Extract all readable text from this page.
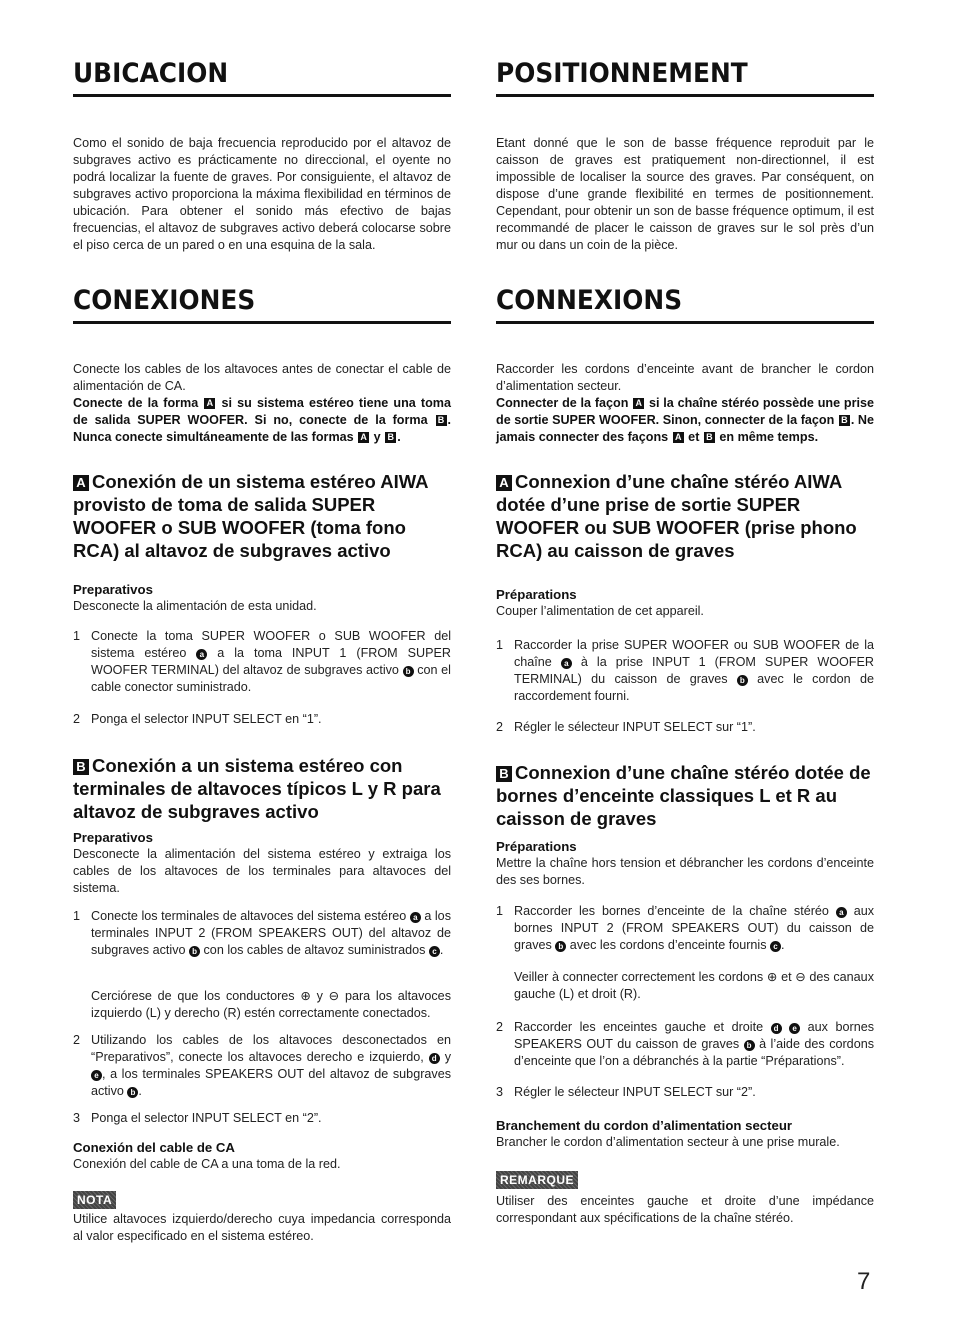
UBICACION

Como el sonido de baja frecuencia reproducido por el altavoz de subgraves activo es prácticamente no direccional, el oyente no podrá localizar la fuente de graves. Por consiguiente, el altavoz de subgraves activo proporciona la máxima flexibilidad en términos de ubicación. Para obtener el sonido más efectivo de bajas frecuencias, el altavoz de subgraves activo deberá colocarse sobre el piso cerca de un pared o en una esquina de la sala.

CONEXIONES

Conecte los cables de los altavoces antes de conectar el cable de alimentación de CA.

Conecte de la forma A si su sistema estéreo tiene una toma de salida SUPER WOOFER. Si no, conecte de la forma B . Nunca conecte simultáneamente de las formas A y B .

A Conexión de un sistema estéreo AIWA provisto de toma de salida SUPER WOOFER o SUB WOOFER (toma fono RCA) al altavoz de subgraves activo

Preparativos

Desconecte la alimentación de esta unidad.

1 Conecte la toma SUPER WOOFER o SUB WOOFER del sistema estéreo a a la toma INPUT 1 (FROM SUPER WOOFER TERMINAL) del altavoz de subgraves activo b con el cable conector suministrado.
2 Ponga el selector INPUT SELECT en “1”.

B Conexión a un sistema estéreo con terminales de altavoces típicos L y R para altavoz de subgraves activo

Preparativos

Desconecte la alimentación del sistema estéreo y extraiga los cables de los altavoces de los terminales para altavoces del sistema.

1 Conecte los terminales de altavoces del sistema estéreo a a los terminales INPUT 2 (FROM SPEAKERS OUT) del altavoz de subgraves activo b con los cables de altavoz suministrados c .
Cerciórese de que los conductores ⊕ y ⊖ para los altavoces izquierdo (L) y derecho (R) estén correctamente conectados.
2 Utilizando los cables de los altavoces desconectados en “Preparativos”, conecte los altavoces derecho e izquierdo, d y e , a los terminales SPEAKERS OUT del altavoz de subgraves activo b .
3 Ponga el selector INPUT SELECT en “2”.

Conexión del cable de CA

Conexión del cable de CA a una toma de la red.

NOTA

Utilice altavoces izquierdo/derecho cuya impedancia corresponda al valor especificado en el sistema estéreo.

POSITIONNEMENT

Etant donné que le son de basse fréquence reproduit par le caisson de graves est pratiquement non-directionnel, il est impossible de localiser la source des graves. Par conséquent, on dispose d’une grande flexibilité en termes de positionnement. Cependant, pour obtenir un son de basse fréquence optimum, il est recommandé de placer le caisson de graves sur le sol près d’un mur ou dans un coin de la pièce.

CONNEXIONS

Raccorder les cordons d’enceinte avant de brancher le cordon d’alimentation secteur.

Connecter de la façon A si la chaîne stéréo possède une prise de sortie SUPER WOOFER. Sinon, connecter de la façon B . Ne jamais connecter des façons A et B en même temps.

A Connexion d’une chaîne stéréo AIWA dotée d’une prise de sortie SUPER WOOFER ou SUB WOOFER (prise phono RCA) au caisson de graves

Préparations

Couper l’alimentation de cet appareil.

1 Raccorder la prise SUPER WOOFER ou SUB WOOFER de la chaîne a à la prise INPUT 1 (FROM SUPER WOOFER TERMINAL) du caisson de graves b avec le cordon de raccordement fourni.
2 Régler le sélecteur INPUT SELECT sur “1”.

B Connexion d’une chaîne stéréo dotée de bornes d’enceinte classiques L et R au caisson de graves

Préparations

Mettre la chaîne hors tension et débrancher les cordons d’enceinte des ses bornes.

1 Raccorder les bornes d’enceinte de la chaîne stéréo a aux bornes INPUT 2 (FROM SPEAKERS OUT) du caisson de graves b avec les cordons d’enceinte fournis c .
Veiller à connecter correctement les cordons ⊕ et ⊖ des canaux gauche (L) et droit (R).
2 Raccorder les enceintes gauche et droite d e aux bornes SPEAKERS OUT du caisson de graves b à l’aide des cordons d’enceinte que l’on a débranchés à la partie “Préparations”.
3 Régler le sélecteur INPUT SELECT sur “2”.

Branchement du cordon d’alimentation secteur

Brancher le cordon d’alimentation secteur à une prise murale.

REMARQUE

Utiliser des enceintes gauche et droite d’une impédance correspondant aux spécifications de la chaîne stéréo.

7
